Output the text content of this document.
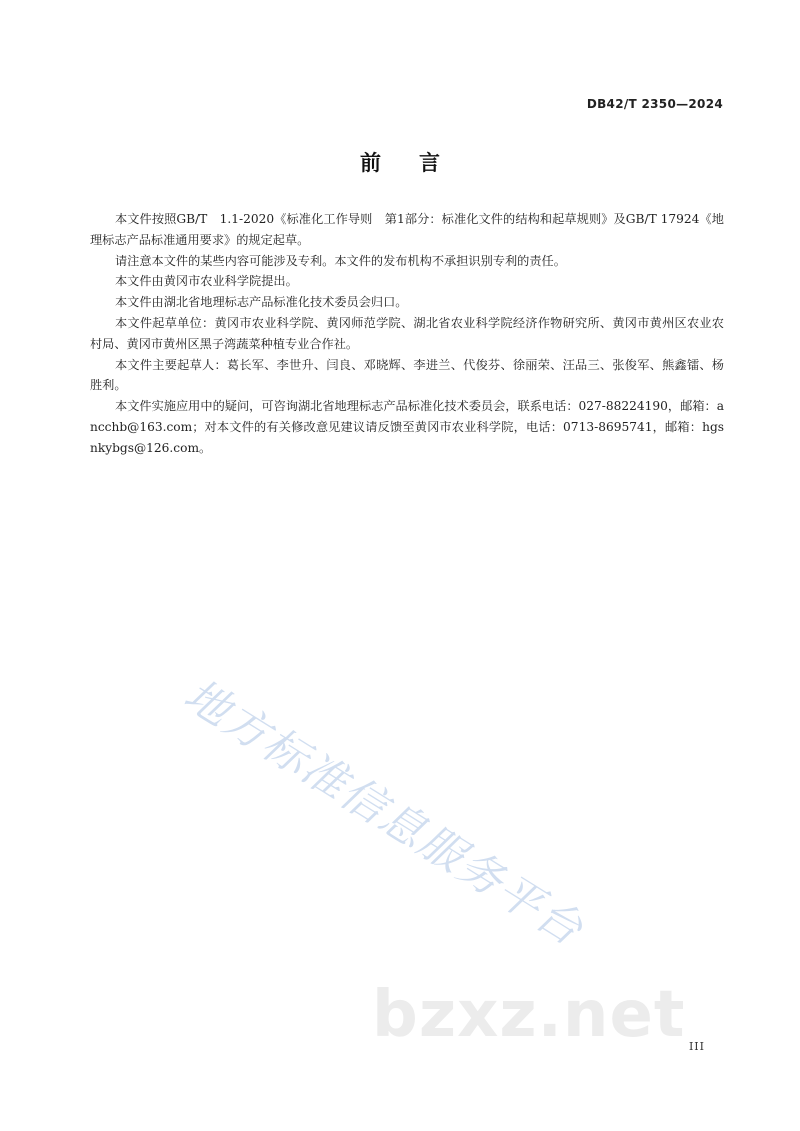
DB42/T 2350—2024
前言

本文件按照GB/T　1.1-2020《标准化工作导则　第1部分：标准化文件的结构和起草规则》及GB/T 17924《地理标志产品标准通用要求》的规定起草。

请注意本文件的某些内容可能涉及专利。本文件的发布机构不承担识别专利的责任。

本文件由黄冈市农业科学院提出。

本文件由湖北省地理标志产品标准化技术委员会归口。

本文件起草单位：黄冈市农业科学院、黄冈师范学院、湖北省农业科学院经济作物研究所、黄冈市黄州区农业农村局、黄冈市黄州区黑子湾蔬菜种植专业合作社。

本文件主要起草人：葛长军、李世升、闫良、邓晓辉、李进兰、代俊芬、徐丽荣、汪品三、张俊军、熊鑫镭、杨胜利。

本文件实施应用中的疑问，可咨询湖北省地理标志产品标准化技术委员会，联系电话：027-88224190，邮箱：ancchb@163.com；对本文件的有关修改意见建议请反馈至黄冈市农业科学院，电话：0713-8695741，邮箱：hgsnkybgs@126.com。

地方标准信息服务平台
bzxz.net III
